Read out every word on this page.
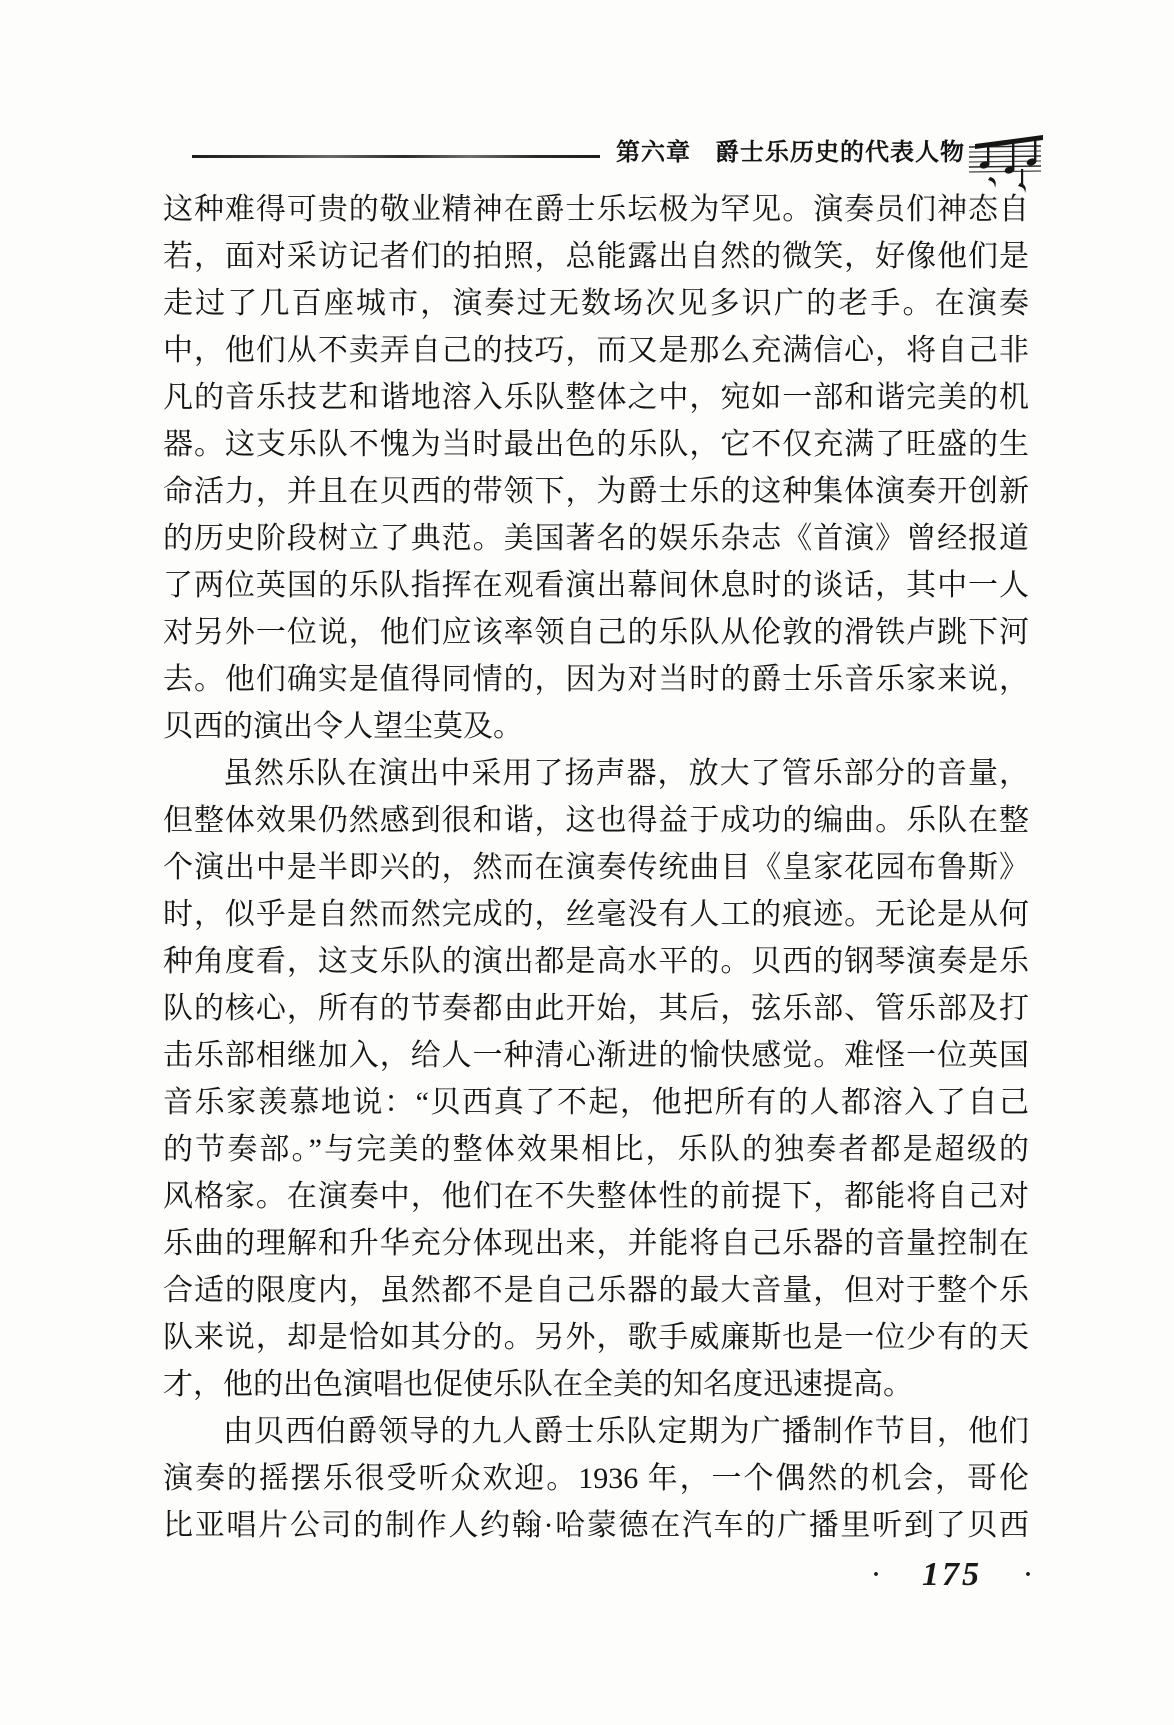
第六章 爵士乐历史的代表人物
这种难得可贵的敬业精神在爵士乐坛极为罕见。演奏员们神态自
若，面对采访记者们的拍照，总能露出自然的微笑，好像他们是
走过了几百座城市，演奏过无数场次见多识广的老手。在演奏
中，他们从不卖弄自己的技巧，而又是那么充满信心，将自己非
凡的音乐技艺和谐地溶入乐队整体之中，宛如一部和谐完美的机
器。这支乐队不愧为当时最出色的乐队，它不仅充满了旺盛的生
命活力，并且在贝西的带领下，为爵士乐的这种集体演奏开创新
的历史阶段树立了典范。美国著名的娱乐杂志《首演》曾经报道
了两位英国的乐队指挥在观看演出幕间休息时的谈话，其中一人
对另外一位说，他们应该率领自己的乐队从伦敦的滑铁卢跳下河
去。他们确实是值得同情的，因为对当时的爵士乐音乐家来说，
贝西的演出令人望尘莫及。
虽然乐队在演出中采用了扬声器，放大了管乐部分的音量，
但整体效果仍然感到很和谐，这也得益于成功的编曲。乐队在整
个演出中是半即兴的，然而在演奏传统曲目《皇家花园布鲁斯》
时，似乎是自然而然完成的，丝毫没有人工的痕迹。无论是从何
种角度看，这支乐队的演出都是高水平的。贝西的钢琴演奏是乐
队的核心，所有的节奏都由此开始，其后，弦乐部、管乐部及打
击乐部相继加入，给人一种清心渐进的愉快感觉。难怪一位英国
音乐家羡慕地说：“贝西真了不起，他把所有的人都溶入了自己
的节奏部。”与完美的整体效果相比，乐队的独奏者都是超级的
风格家。在演奏中，他们在不失整体性的前提下，都能将自己对
乐曲的理解和升华充分体现出来，并能将自己乐器的音量控制在
合适的限度内，虽然都不是自己乐器的最大音量，但对于整个乐
队来说，却是恰如其分的。另外，歌手威廉斯也是一位少有的天
才，他的出色演唱也促使乐队在全美的知名度迅速提高。
由贝西伯爵领导的九人爵士乐队定期为广播制作节目，他们
演奏的摇摆乐很受听众欢迎。1936 年，一个偶然的机会，哥伦
比亚唱片公司的制作人约翰·哈蒙德在汽车的广播里听到了贝西
· 175 ·
